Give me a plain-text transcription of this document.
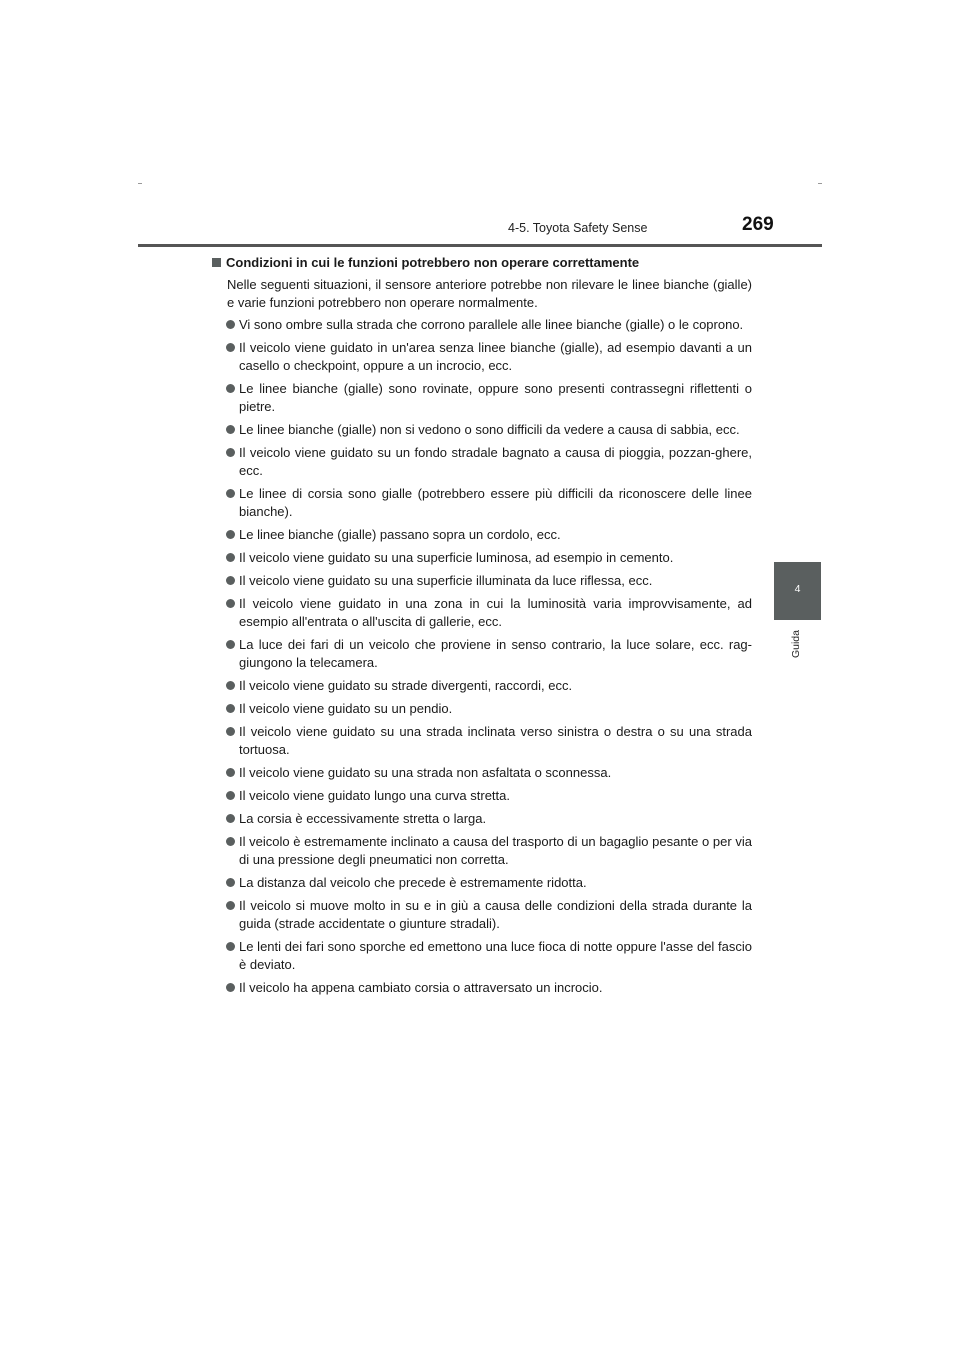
4-5. Toyota Safety Sense	269
4
Guida
Condizioni in cui le funzioni potrebbero non operare correttamente

Nelle seguenti situazioni, il sensore anteriore potrebbe non rilevare le linee bianche (gialle) e varie funzioni potrebbero non operare normalmente.

Vi sono ombre sulla strada che corrono parallele alle linee bianche (gialle) o le coprono.
Il veicolo viene guidato in un'area senza linee bianche (gialle), ad esempio davanti a un casello o checkpoint, oppure a un incrocio, ecc.
Le linee bianche (gialle) sono rovinate, oppure sono presenti contrassegni riflettenti o pietre.
Le linee bianche (gialle) non si vedono o sono difficili da vedere a causa di sabbia, ecc.
Il veicolo viene guidato su un fondo stradale bagnato a causa di pioggia, pozzan-ghere, ecc.
Le linee di corsia sono gialle (potrebbero essere più difficili da riconoscere delle linee bianche).
Le linee bianche (gialle) passano sopra un cordolo, ecc.
Il veicolo viene guidato su una superficie luminosa, ad esempio in cemento.
Il veicolo viene guidato su una superficie illuminata da luce riflessa, ecc.
Il veicolo viene guidato in una zona in cui la luminosità varia improvvisamente, ad esempio all'entrata o all'uscita di gallerie, ecc.
La luce dei fari di un veicolo che proviene in senso contrario, la luce solare, ecc. rag-giungono la telecamera.
Il veicolo viene guidato su strade divergenti, raccordi, ecc.
Il veicolo viene guidato su un pendio.
Il veicolo viene guidato su una strada inclinata verso sinistra o destra o su una strada tortuosa.
Il veicolo viene guidato su una strada non asfaltata o sconnessa.
Il veicolo viene guidato lungo una curva stretta.
La corsia è eccessivamente stretta o larga.
Il veicolo è estremamente inclinato a causa del trasporto di un bagaglio pesante o per via di una pressione degli pneumatici non corretta.
La distanza dal veicolo che precede è estremamente ridotta.
Il veicolo si muove molto in su e in giù a causa delle condizioni della strada durante la guida (strade accidentate o giunture stradali).
Le lenti dei fari sono sporche ed emettono una luce fioca di notte oppure l'asse del fascio è deviato.
Il veicolo ha appena cambiato corsia o attraversato un incrocio.
